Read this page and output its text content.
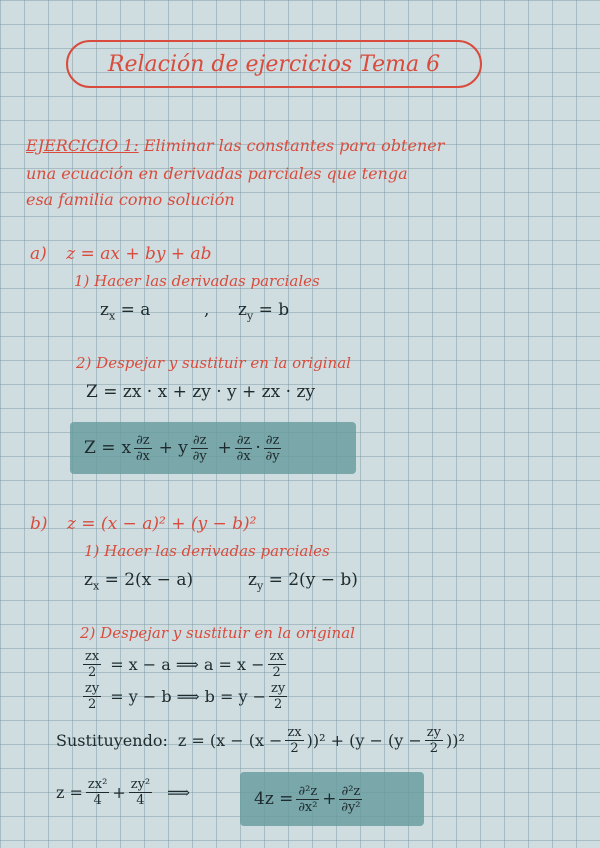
Relación de ejercicios Tema 6
EJERCICIO 1: Eliminar las constantes para obtener
una ecuación en derivadas parciales que tenga
esa familia como solución
a) z = ax + by + ab
1) Hacer las derivadas parciales
$z_x = a$	, $z_y = b$
2) Despejar y sustituir en la original
Z = zx · x + zy · y + zx · zy
Z = x $\frac{\partial z}{\partial x} + y \frac{\partial z}{\partial y} + \frac{\partial z}{\partial x} \cdot \frac{\partial z}{\partial y}$
b) z = (x − a)² + (y − b)²
1) Hacer las derivadas parciales
$z_x = 2(x - a)$	$z_y = 2(y - b)$
2) Despejar y sustituir en la original
$\frac{zx}{2} = x - a$ ⟹ $a = x - \frac{zx}{2}$
$\frac{zy}{2} = y - b$ ⟹ $b = y - \frac{zy}{2}$
Sustituyendo: $z = (x - (x - \frac{zx}{2} ))^2 + (y - (y - \frac{zy}{2} ))^2$
$z = \frac{\text{zx²}}{4} + \frac{\text{zy²}}{4}$ ⟹	$4z = \frac{\text{∂²z}}{\text{∂x²}} + \frac{\text{∂²z}}{\text{∂y²}}$
